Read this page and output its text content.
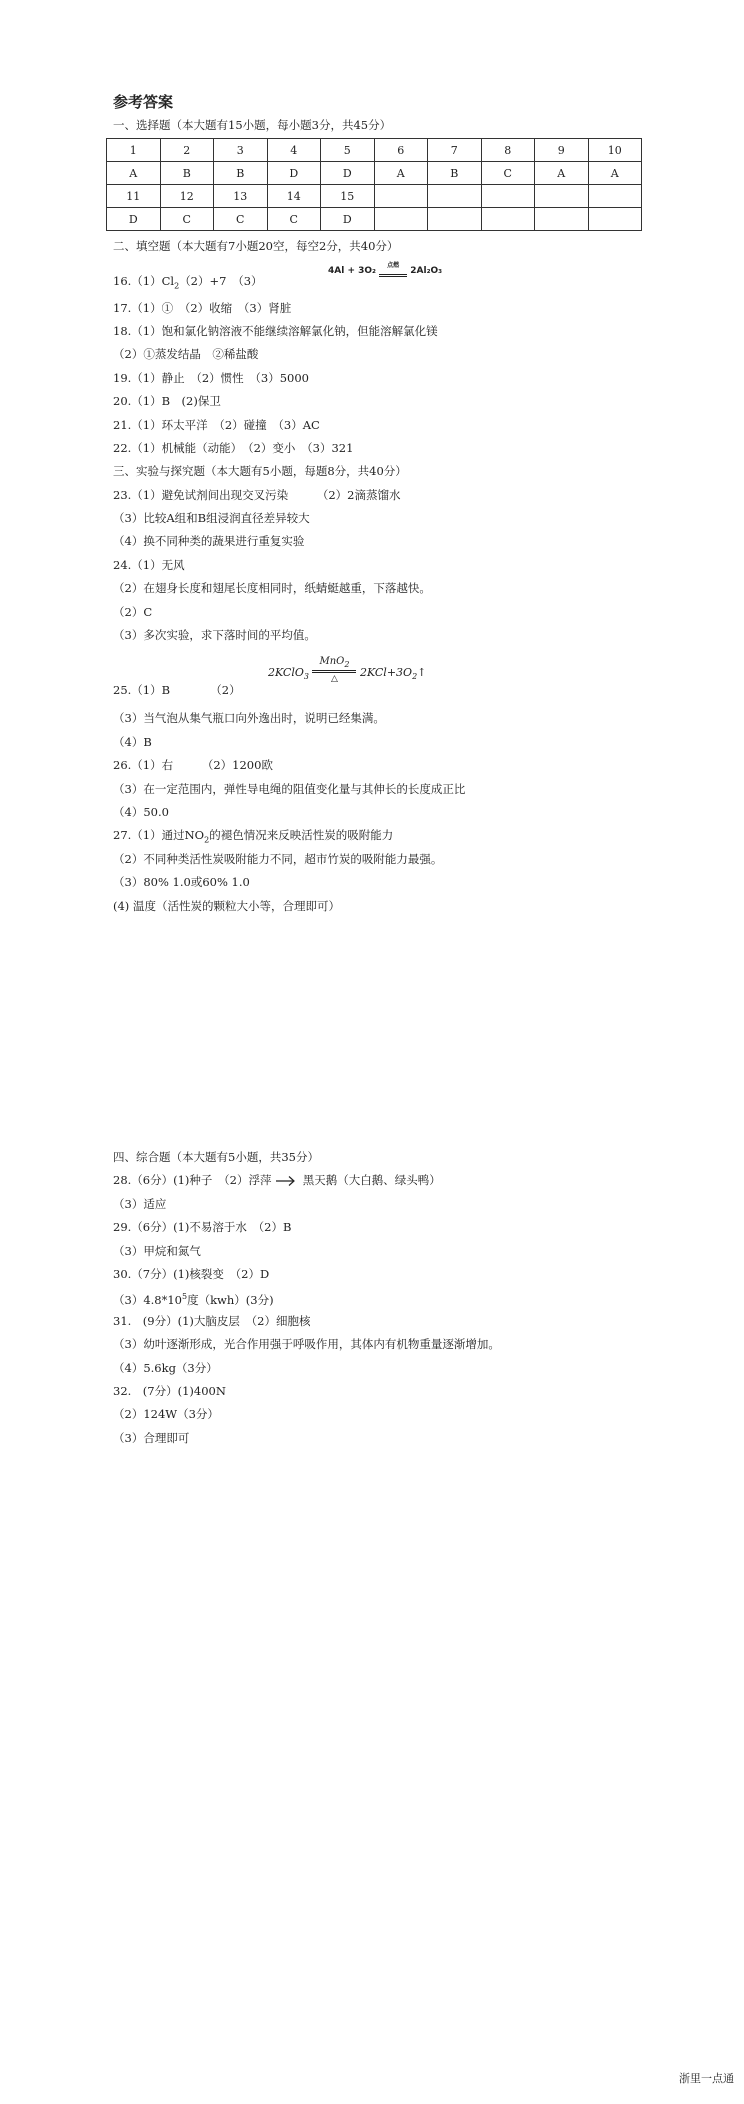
参考答案
一、选择题（本大题有15小题，每小题3分，共45分）
1	2	3	4	5	6	7	8	9	10
A	B	B	D	D	A	B	C	A	A
11	12	13	14	15					
D	C	C	C	D					
二、填空题（本大题有7小题20空，每空2分，共40分）
$16.(1)Cl_2(2)+7$　（3）
4Al + 3O₂ $^{点燃}$
2Al₂O₃
17.（1）①　（2）收缩　（3）肾脏
18.（1）饱和氯化钠溶液不能继续溶解氯化钠，但能溶解氯化镁
（2）①蒸发结晶　②稀盐酸
19.（1）静止　（2）惯性　（3）5000
20.（1）B　(2)保卫
21.（1）环太平洋　（2）碰撞　（3）AC
22.（1）机械能（动能）　（2）变小　（3）321
三、实验与探究题（本大题有5小题，每题8分，共40分）
23.（1）避免试剂间出现交叉污染　　　（2）2滴蒸馏水
（3）比较A组和B组浸润直径差异较大
（4）换不同种类的蔬果进行重复实验
24.（1）无风
（2）在翅身长度和翅尾长度相同时，纸蜻蜓越重，下落越快。
（2）C
（3）多次实验，求下落时间的平均值。
25.（1）B　　　　（2）
2KClO$_3$
MnO$_2$
△
$2KCl+3O_2↑$
（3）当气泡从集气瓶口向外逸出时，说明已经集满。
（4）B
26.（1）右　　　（2）1200欧
（3）在一定范围内，弹性导电绳的阻值变化量与其伸长的长度成正比
（4）50.0
27.（1）通过$NO_2$的褪色情况来反映活性炭的吸附能力
（2）不同种类活性炭吸附能力不同，超市竹炭的吸附能力最强。
（3）80% 1.0或60% 1.0
(4) 温度（活性炭的颗粒大小等，合理即可）
四、综合题（本大题有5小题，共35分）
28.（6分）(1)种子　（2）浮萍	黑天鹅（大白鹅、绿头鸭）
（3）适应
29.（6分）(1)不易溶于水　（2）B
（3）甲烷和氮气
30.（7分）(1)核裂变　（2）D
$(3)4.8*10^5$度（kwh）(3分)
31.　(9分）(1)大脑皮层　（2）细胞核
（3）幼叶逐渐形成，光合作用强于呼吸作用，其体内有机物重量逐渐增加。
（4）5.6kg（3分）
32.　(7分）(1)400N
（2）124W（3分）
（3）合理即可
浙里一点通
